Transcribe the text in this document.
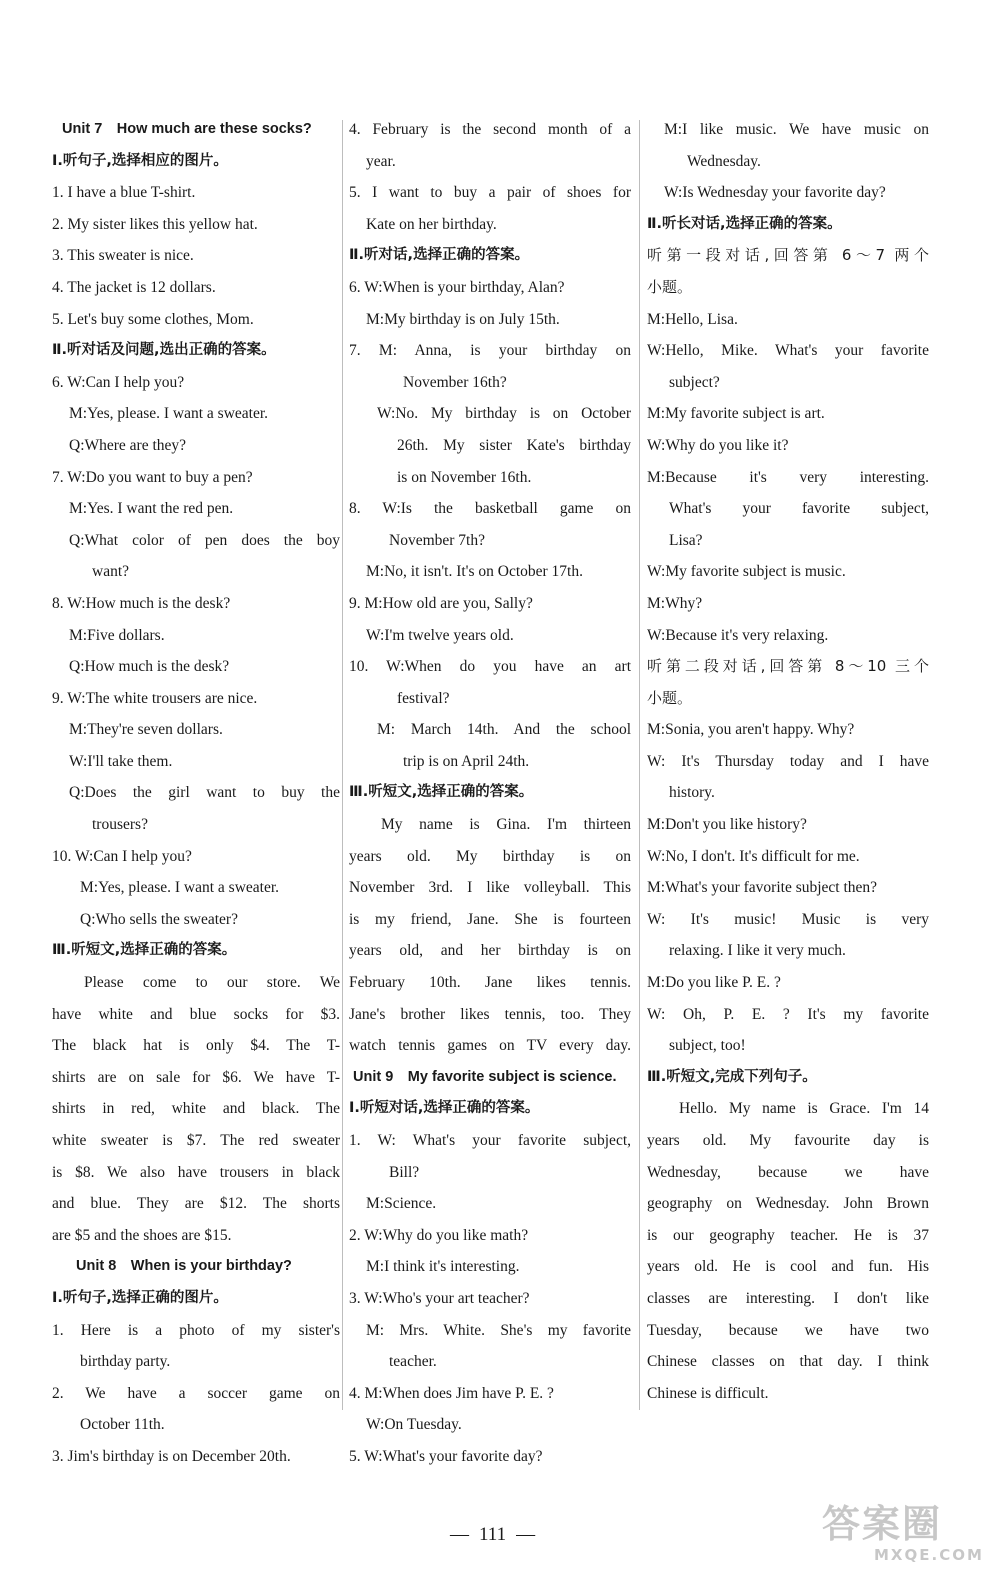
Unit 7　How much are these socks?
Ⅰ.听句子,选择相应的图片。
1. I have a blue T-shirt.
2. My sister likes this yellow hat.
3. This sweater is nice.
4. The jacket is 12 dollars.
5. Let's buy some clothes, Mom.
Ⅱ.听对话及问题,选出正确的答案。
6. W:Can I help you?
M:Yes, please. I want a sweater.
Q:Where are they?
7. W:Do you want to buy a pen?
M:Yes. I want the red pen.
Q:What color of pen does the boy
want?
8. W:How much is the desk?
M:Five dollars.
Q:How much is the desk?
9. W:The white trousers are nice.
M:They're seven dollars.
W:I'll take them.
Q:Does the girl want to buy the
trousers?
10. W:Can I help you?
M:Yes, please. I want a sweater.
Q:Who sells the sweater?
Ⅲ.听短文,选择正确的答案。
Please come to our store. We
have white and blue socks for $3.
The black hat is only $4. The T-
shirts are on sale for $6. We have T-
shirts in red, white and black. The
white sweater is $7. The red sweater
is $8. We also have trousers in black
and blue. They are $12. The shorts
are $5 and the shoes are $15.
Unit 8　When is your birthday?
Ⅰ.听句子,选择正确的图片。
1. Here is a photo of my sister's
birthday party.
2. We have a soccer game on
October 11th.
3. Jim's birthday is on December 20th.
4. February is the second month of a
year.
5. I want to buy a pair of shoes for
Kate on her birthday.
Ⅱ.听对话,选择正确的答案。
6. W:When is your birthday, Alan?
M:My birthday is on July 15th.
7. M: Anna, is your birthday on
November 16th?
W:No. My birthday is on October
26th. My sister Kate's birthday
is on November 16th.
8. W:Is the basketball game on
November 7th?
M:No, it isn't. It's on October 17th.
9. M:How old are you, Sally?
W:I'm twelve years old.
10. W:When do you have an art
festival?
M: March 14th. And the school
trip is on April 24th.
Ⅲ.听短文,选择正确的答案。
My name is Gina. I'm thirteen
years old. My birthday is on
November 3rd. I like volleyball. This
is my friend, Jane. She is fourteen
years old, and her birthday is on
February 10th. Jane likes tennis.
Jane's brother likes tennis, too. They
watch tennis games on TV every day.
Unit 9　My favorite subject is science.
Ⅰ.听短对话,选择正确的答案。
1. W: What's your favorite subject,
Bill?
M:Science.
2. W:Why do you like math?
M:I think it's interesting.
3. W:Who's your art teacher?
M: Mrs. White. She's my favorite
teacher.
4. M:When does Jim have P. E. ?
W:On Tuesday.
5. W:What's your favorite day?
M:I like music. We have music on
Wednesday.
W:Is Wednesday your favorite day?
Ⅱ.听长对话,选择正确的答案。
听第一段对话,回答第 6～7 两个
小题。
M:Hello, Lisa.
W:Hello, Mike. What's your favorite
subject?
M:My favorite subject is art.
W:Why do you like it?
M:Because it's very interesting.
What's your favorite subject,
Lisa?
W:My favorite subject is music.
M:Why?
W:Because it's very relaxing.
听第二段对话,回答第 8～10 三个
小题。
M:Sonia, you aren't happy. Why?
W: It's Thursday today and I have
history.
M:Don't you like history?
W:No, I don't. It's difficult for me.
M:What's your favorite subject then?
W: It's music! Music is very
relaxing. I like it very much.
M:Do you like P. E. ?
W: Oh, P. E. ? It's my favorite
subject, too!
Ⅲ.听短文,完成下列句子。
Hello. My name is Grace. I'm 14
years old. My favourite day is
Wednesday, because we have
geography on Wednesday. John Brown
is our geography teacher. He is 37
years old. He is cool and fun. His
classes are interesting. I don't like
Tuesday, because we have two
Chinese classes on that day. I think
Chinese is difficult.
— 111 —	答案圈
MXQE.COM
